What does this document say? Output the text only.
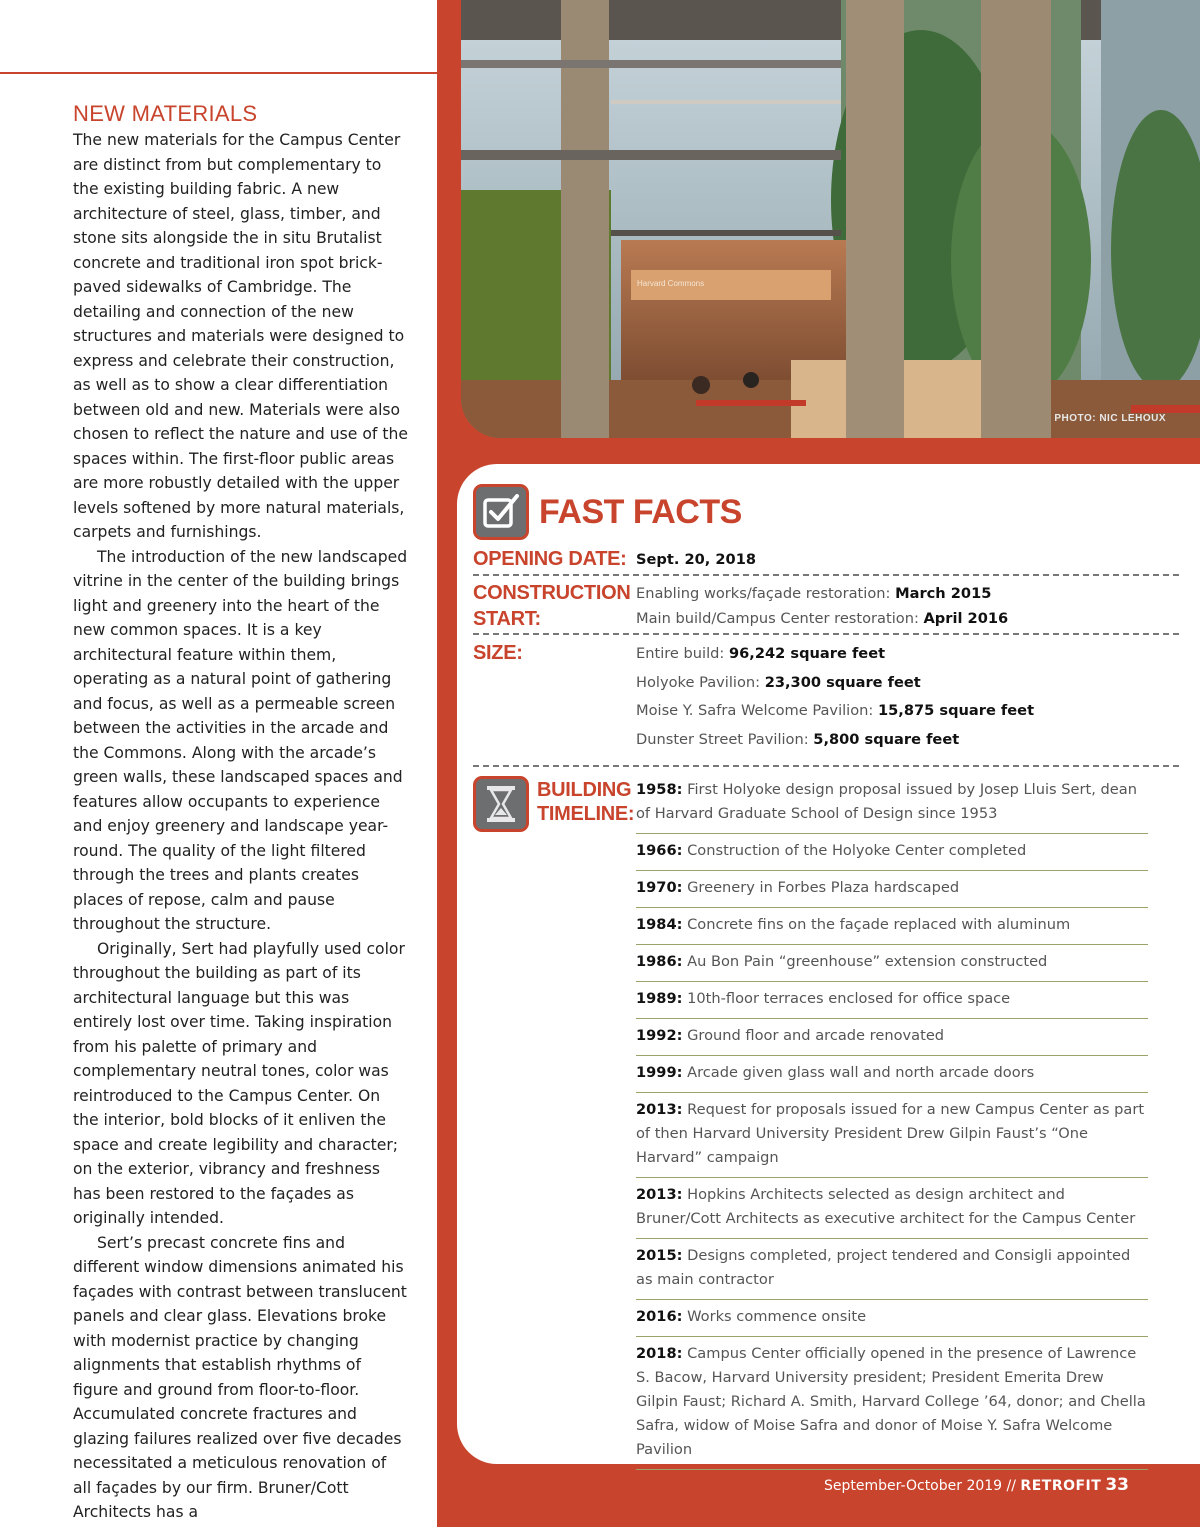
NEW MATERIALS

The new materials for the Campus Center are distinct from but complementary to the existing building fabric. A new architecture of steel, glass, timber, and stone sits alongside the in situ Brutalist concrete and traditional iron spot brick-paved sidewalks of Cambridge. The detailing and connection of the new structures and materials were designed to express and celebrate their construction, as well as to show a clear differentiation between old and new. Materials were also chosen to reflect the nature and use of the spaces within. The first-floor public areas are more robustly detailed with the upper levels softened by more natural materials, carpets and furnishings.

The introduction of the new landscaped vitrine in the center of the building brings light and greenery into the heart of the new common spaces. It is a key architectural feature within them, operating as a natural point of gathering and focus, as well as a permeable screen between the activities in the arcade and the Commons. Along with the arcade’s green walls, these landscaped spaces and features allow occupants to experience and enjoy greenery and landscape year-round. The quality of the light filtered through the trees and plants creates places of repose, calm and pause throughout the structure.

Originally, Sert had playfully used color throughout the building as part of its architectural language but this was entirely lost over time. Taking inspiration from his palette of primary and complementary neutral tones, color was reintroduced to the Campus Center. On the interior, bold blocks of it enliven the space and create legibility and character; on the exterior, vibrancy and freshness has been restored to the façades as originally intended.

Sert’s precast concrete fins and different window dimensions animated his façades with contrast between translucent panels and clear glass. Elevations broke with modernist practice by changing alignments that establish rhythms of figure and ground from floor-to-floor. Accumulated concrete fractures and glazing failures realized over five decades necessitated a meticulous renovation of all façades by our firm. Bruner/Cott Architects has a

Harvard Commons
PHOTO: NIC LEHOUX
FAST FACTS
OPENING DATE: Sept. 20, 2018
CONSTRUCTION
START:
Enabling works/façade restoration: March 2015
Main build/Campus Center restoration: April 2016
SIZE:	Entire build: 96,242 square feet
Holyoke Pavilion: 23,300 square feet
Moise Y. Safra Welcome Pavilion: 15,875 square feet
Dunster Street Pavilion: 5,800 square feet
BUILDING
TIMELINE:
1958: First Holyoke design proposal issued by Josep Lluis Sert, dean of Harvard Graduate School of Design since 1953
1966: Construction of the Holyoke Center completed
1970: Greenery in Forbes Plaza hardscaped
1984: Concrete fins on the façade replaced with aluminum
1986: Au Bon Pain “greenhouse” extension constructed
1989: 10th-floor terraces enclosed for office space
1992: Ground floor and arcade renovated
1999: Arcade given glass wall and north arcade doors
2013: Request for proposals issued for a new Campus Center as part of then Harvard University President Drew Gilpin Faust’s “One Harvard” campaign
2013: Hopkins Architects selected as design architect and Bruner/Cott Architects as executive architect for the Campus Center
2015: Designs completed, project tendered and Consigli appointed as main contractor
2016: Works commence onsite
2018: Campus Center officially opened in the presence of Lawrence S. Bacow, Harvard University president; President Emerita Drew Gilpin Faust; Richard A. Smith, Harvard College ’64, donor; and Chella Safra, widow of Moise Safra and donor of Moise Y. Safra Welcome Pavilion
September-October 2019 // RETROFIT 33
